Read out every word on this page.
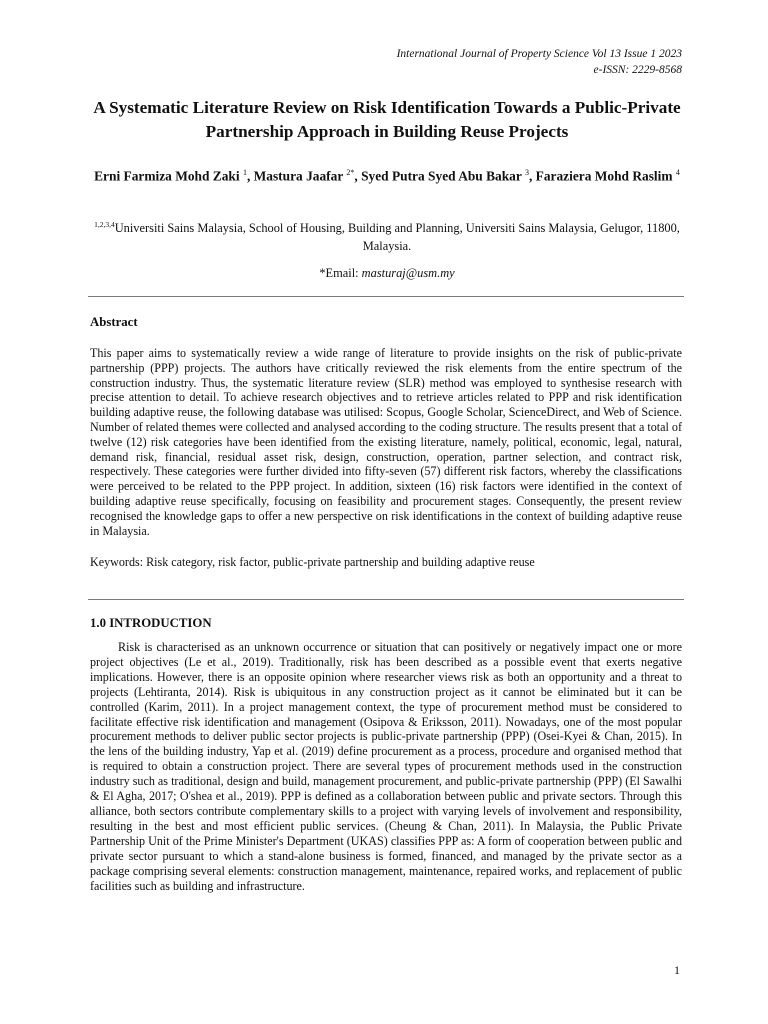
International Journal of Property Science Vol 13 Issue 1 2023
e-ISSN: 2229-8568
A Systematic Literature Review on Risk Identification Towards a Public-Private Partnership Approach in Building Reuse Projects
Erni Farmiza Mohd Zaki $^1$, Mastura Jaafar $^{2*}$, Syed Putra Syed Abu Bakar $^3$, Faraziera Mohd Raslim $^4$
$^{1,2,3,4}$Universiti Sains Malaysia, School of Housing, Building and Planning, Universiti Sains Malaysia, Gelugor, 11800, Malaysia.
*Email: masturaj@usm.my
Abstract
This paper aims to systematically review a wide range of literature to provide insights on the risk of public-private partnership (PPP) projects. The authors have critically reviewed the risk elements from the entire spectrum of the construction industry. Thus, the systematic literature review (SLR) method was employed to synthesise research with precise attention to detail. To achieve research objectives and to retrieve articles related to PPP and risk identification building adaptive reuse, the following database was utilised: Scopus, Google Scholar, ScienceDirect, and Web of Science. Number of related themes were collected and analysed according to the coding structure. The results present that a total of twelve (12) risk categories have been identified from the existing literature, namely, political, economic, legal, natural, demand risk, financial, residual asset risk, design, construction, operation, partner selection, and contract risk, respectively. These categories were further divided into fifty-seven (57) different risk factors, whereby the classifications were perceived to be related to the PPP project. In addition, sixteen (16) risk factors were identified in the context of building adaptive reuse specifically, focusing on feasibility and procurement stages. Consequently, the present review recognised the knowledge gaps to offer a new perspective on risk identifications in the context of building adaptive reuse in Malaysia.
Keywords: Risk category, risk factor, public-private partnership and building adaptive reuse
1.0 INTRODUCTION
Risk is characterised as an unknown occurrence or situation that can positively or negatively impact one or more project objectives (Le et al., 2019). Traditionally, risk has been described as a possible event that exerts negative implications. However, there is an opposite opinion where researcher views risk as both an opportunity and a threat to projects (Lehtiranta, 2014). Risk is ubiquitous in any construction project as it cannot be eliminated but it can be controlled (Karim, 2011). In a project management context, the type of procurement method must be considered to facilitate effective risk identification and management (Osipova & Eriksson, 2011). Nowadays, one of the most popular procurement methods to deliver public sector projects is public-private partnership (PPP) (Osei-Kyei & Chan, 2015). In the lens of the building industry, Yap et al. (2019) define procurement as a process, procedure and organised method that is required to obtain a construction project. There are several types of procurement methods used in the construction industry such as traditional, design and build, management procurement, and public-private partnership (PPP) (El Sawalhi & El Agha, 2017; O'shea et al., 2019). PPP is defined as a collaboration between public and private sectors. Through this alliance, both sectors contribute complementary skills to a project with varying levels of involvement and responsibility, resulting in the best and most efficient public services. (Cheung & Chan, 2011). In Malaysia, the Public Private Partnership Unit of the Prime Minister's Department (UKAS) classifies PPP as: A form of cooperation between public and private sector pursuant to which a stand-alone business is formed, financed, and managed by the private sector as a package comprising several elements: construction management, maintenance, repaired works, and replacement of public facilities such as building and infrastructure.
1
